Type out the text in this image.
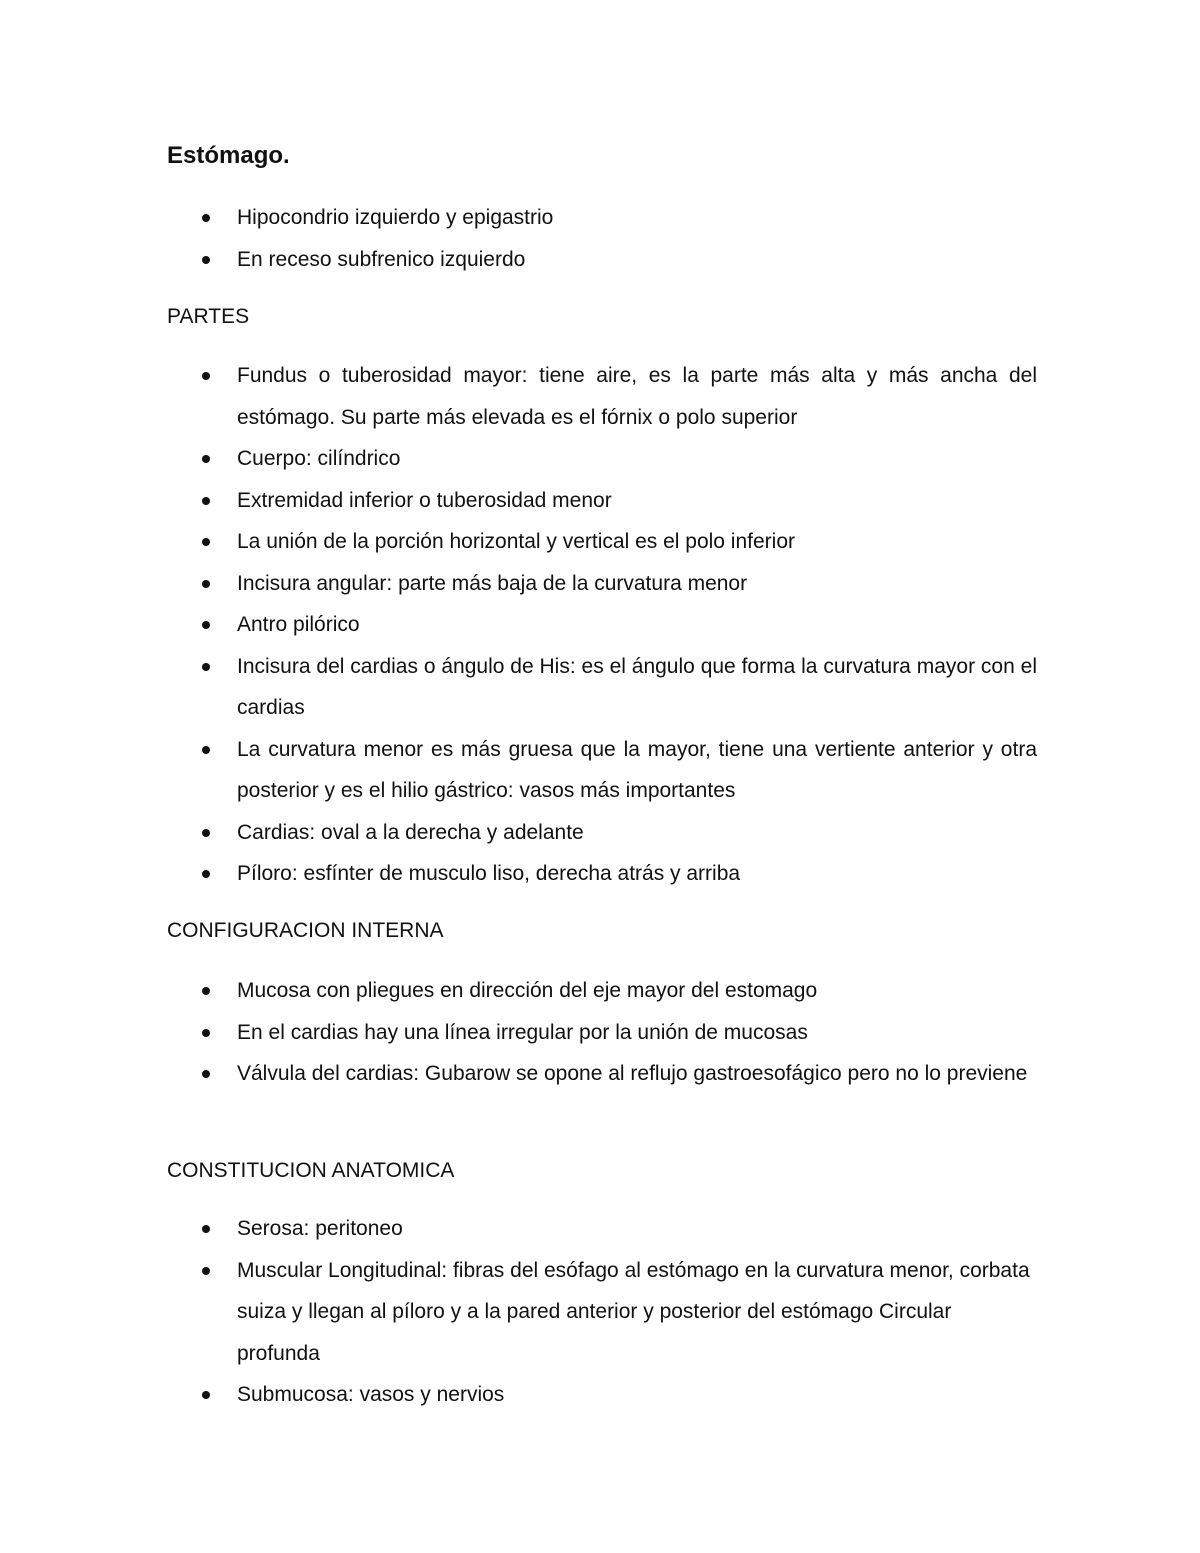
Estómago.
Hipocondrio izquierdo y epigastrio
En receso subfrenico izquierdo
PARTES
Fundus o tuberosidad mayor: tiene aire, es la parte más alta y más ancha del estómago. Su parte más elevada es el fórnix o polo superior
Cuerpo: cilíndrico
Extremidad inferior o tuberosidad menor
La unión de la porción horizontal y vertical es el polo inferior
Incisura angular: parte más baja de la curvatura menor
Antro pilórico
Incisura del cardias o ángulo de His: es el ángulo que forma la curvatura mayor con el cardias
La curvatura menor es más gruesa que la mayor, tiene una vertiente anterior y otra posterior y es el hilio gástrico: vasos más importantes
Cardias: oval a la derecha y adelante
Píloro: esfínter de musculo liso, derecha atrás y arriba
CONFIGURACION INTERNA
Mucosa con pliegues en dirección del eje mayor del estomago
En el cardias hay una línea irregular por la unión de mucosas
Válvula del cardias: Gubarow se opone al reflujo gastroesofágico pero no lo previene
CONSTITUCION ANATOMICA
Serosa: peritoneo
Muscular Longitudinal: fibras del esófago al estómago en la curvatura menor, corbata suiza y llegan al píloro y a la pared anterior y posterior del estómago Circular profunda
Submucosa: vasos y nervios
